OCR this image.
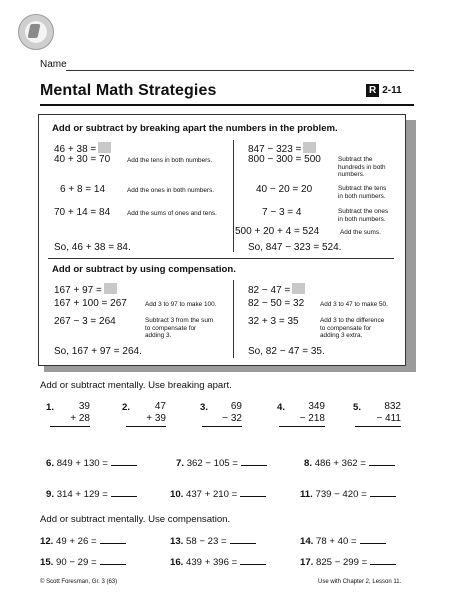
Name
Mental Math Strategies	R 2-11
Add or subtract by breaking apart the numbers in the problem.
46 + 38 =
40 + 30 = 70	Add the tens in both numbers.
6 + 8 = 14	Add the ones in both numbers.
70 + 14 = 84	Add the sums of ones and tens.
So, 46 + 38 = 84.
847 − 323 =
800 − 300 = 500	Subtract the
hundreds in both
numbers.
40 − 20 = 20	Subtract the tens
in both numbers.
7 − 3 = 4	Subtract the ones
in both numbers.
500 + 20 + 4 = 524	Add the sums.
So, 847 − 323 = 524.
Add or subtract by using compensation.
167 + 97 =
167 + 100 = 267	Add 3 to 97 to make 100.
267 − 3 = 264	Subtract 3 from the sum
to compensate for
adding 3.
So, 167 + 97 = 264.
82 − 47 =
82 − 50 = 32 Add 3 to 47 to make 50.
32 + 3 = 35	Add 3 to the difference
to compensate for
adding 3 extra.
So, 82 − 47 = 35.
Add or subtract mentally. Use breaking apart.
1.	39
+ 28
2.	47
+ 39
3.	69
− 32
4.	349
− 218
5.	832
− 411
6. 849 + 130 =	7. 362 − 105 =	8. 486 + 362 =
9. 314 + 129 =	10. 437 + 210 =	11. 739 − 420 =
Add or subtract mentally. Use compensation.
12. 49 + 26 =	13. 58 − 23 =	14. 78 + 40 =
15. 90 − 29 =	16. 439 + 396 =	17. 825 − 299 =
© Scott Foresman, Gr. 3 (63)	Use with Chapter 2, Lesson 11.
